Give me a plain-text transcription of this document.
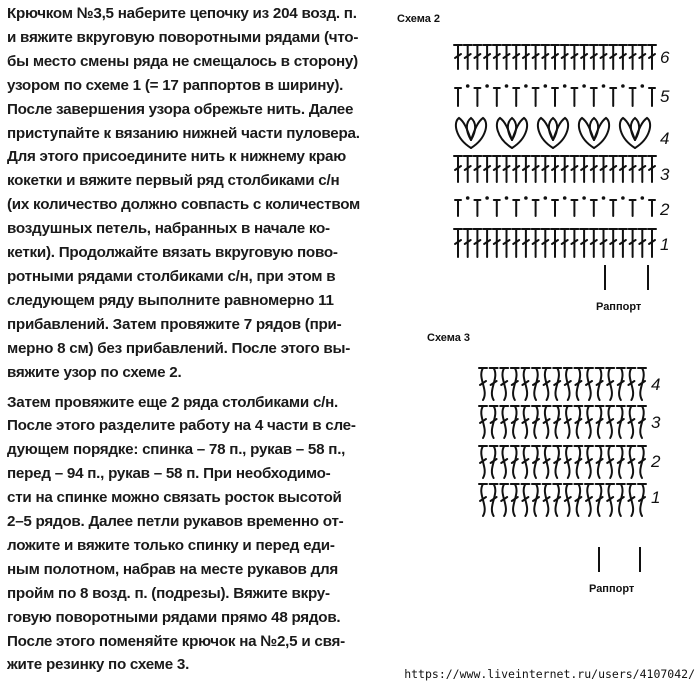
Крючком №3,5 наберите цепочку из 204 возд. п.
и вяжите вкруговую поворотными рядами (что-
бы место смены ряда не смещалось в сторону)
узором по схеме 1 (= 17 раппортов в ширину).
После завершения узора обрежьте нить. Далее
приступайте к вязанию нижней части пуловера.
Для этого присоедините нить к нижнему краю
кокетки и вяжите первый ряд столбиками с/н
(их количество должно совпасть с количеством
воздушных петель, набранных в начале ко-
кетки). Продолжайте вязать вкруговую пово-
ротными рядами столбиками с/н, при этом в
следующем ряду выполните равномерно 11
прибавлений. Затем провяжите 7 рядов (при-
мерно 8 см) без прибавлений. После этого вы-
вяжите узор по схеме 2.
Затем провяжите еще 2 ряда столбиками с/н.
После этого разделите работу на 4 части в сле-
дующем порядке: спинка – 78 п., рукав – 58 п.,
перед – 94 п., рукав – 58 п. При необходимо-
сти на спинке можно связать росток высотой
2–5 рядов. Далее петли рукавов временно от-
ложите и вяжите только спинку и перед еди-
ным полотном, набрав на месте рукавов для
пройм по 8 возд. п. (подрезы). Вяжите вкру-
говую поворотными рядами прямо 48 рядов.
После этого поменяйте крючок на №2,5 и свя-
жите резинку по схеме 3.
Схема 2
6
5
4
3
2
1
Раппорт
Схема 3
4
3
2
1
Раппорт
https://www.liveinternet.ru/users/4107042/
